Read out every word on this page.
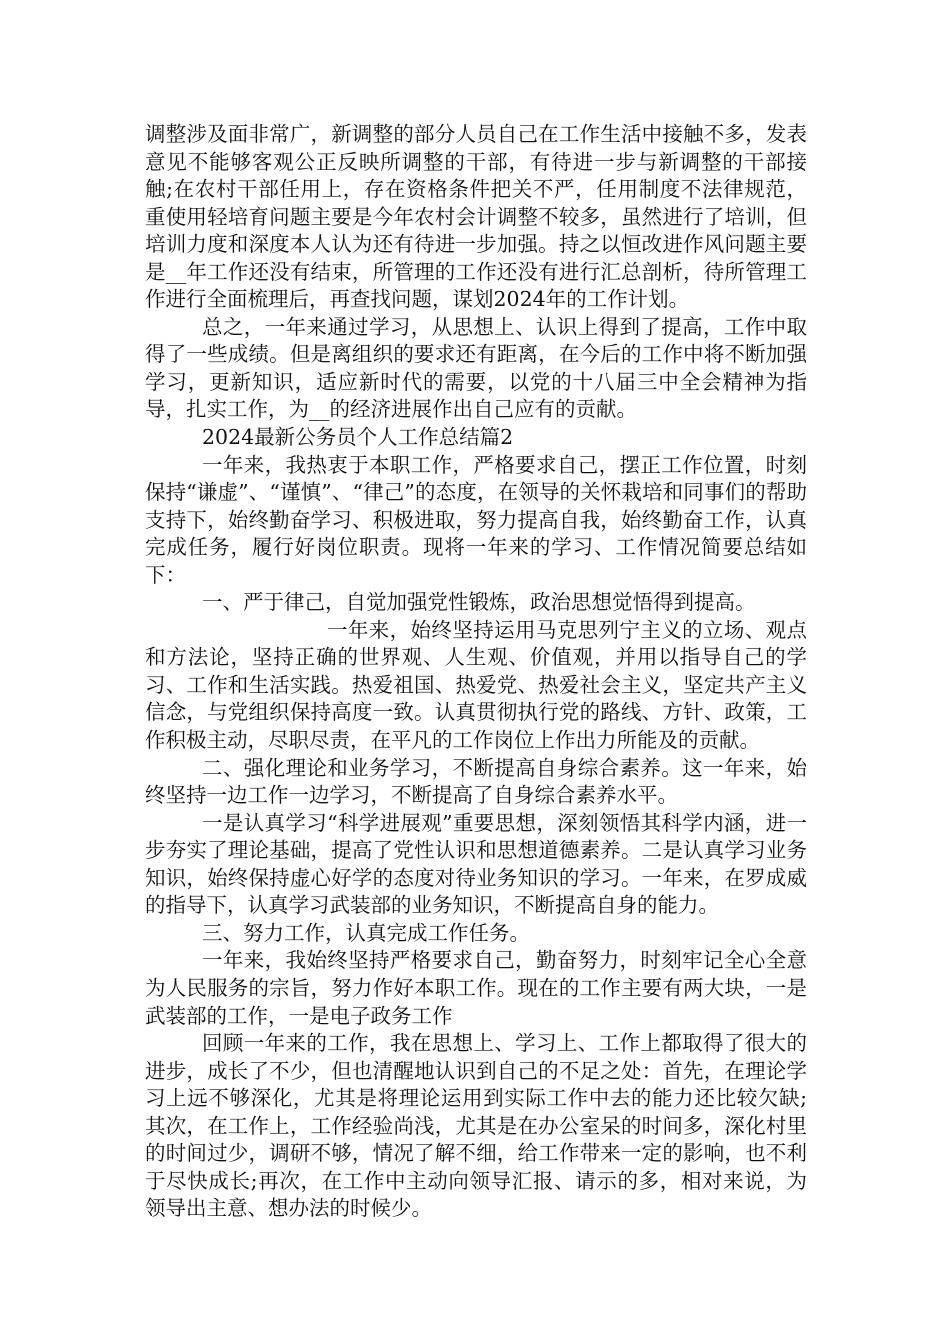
调整涉及面非常广，新调整的部分人员自己在工作生活中接触不多，发表意见不能够客观公正反映所调整的干部，有待进一步与新调整的干部接触;在农村干部任用上，存在资格条件把关不严，任用制度不法律规范，重使用轻培育问题主要是今年农村会计调整不较多，虽然进行了培训，但培训力度和深度本人认为还有待进一步加强。持之以恒改进作风问题主要是__年工作还没有结束，所管理的工作还没有进行汇总剖析，待所管理工作进行全面梳理后，再查找问题，谋划2024年的工作计划。

总之，一年来通过学习，从思想上、认识上得到了提高，工作中取得了一些成绩。但是离组织的要求还有距离，在今后的工作中将不断加强学习，更新知识，适应新时代的需要，以党的十八届三中全会精神为指导，扎实工作，为__的经济进展作出自己应有的贡献。

2024最新公务员个人工作总结篇2

一年来，我热衷于本职工作，严格要求自己，摆正工作位置，时刻保持“谦虚”、“谨慎”、“律己”的态度，在领导的关怀栽培和同事们的帮助支持下，始终勤奋学习、积极进取，努力提高自我，始终勤奋工作，认真完成任务，履行好岗位职责。现将一年来的学习、工作情况简要总结如下：

一、严于律己，自觉加强党性锻炼，政治思想觉悟得到提高。

一年来，始终坚持运用马克思列宁主义的立场、观点和方法论，坚持正确的世界观、人生观、价值观，并用以指导自己的学习、工作和生活实践。热爱祖国、热爱党、热爱社会主义，坚定共产主义信念，与党组织保持高度一致。认真贯彻执行党的路线、方针、政策，工作积极主动，尽职尽责，在平凡的工作岗位上作出力所能及的贡献。

二、强化理论和业务学习，不断提高自身综合素养。这一年来，始终坚持一边工作一边学习，不断提高了自身综合素养水平。

一是认真学习“科学进展观”重要思想，深刻领悟其科学内涵，进一步夯实了理论基础，提高了党性认识和思想道德素养。二是认真学习业务知识，始终保持虚心好学的态度对待业务知识的学习。一年来，在罗成威的指导下，认真学习武装部的业务知识，不断提高自身的能力。

三、努力工作，认真完成工作任务。

一年来，我始终坚持严格要求自己，勤奋努力，时刻牢记全心全意为人民服务的宗旨，努力作好本职工作。现在的工作主要有两大块，一是武装部的工作，一是电子政务工作

回顾一年来的工作，我在思想上、学习上、工作上都取得了很大的进步，成长了不少，但也清醒地认识到自己的不足之处：首先，在理论学习上远不够深化，尤其是将理论运用到实际工作中去的能力还比较欠缺;其次，在工作上，工作经验尚浅，尤其是在办公室呆的时间多，深化村里的时间过少，调研不够，情况了解不细，给工作带来一定的影响，也不利于尽快成长;再次，在工作中主动向领导汇报、请示的多，相对来说，为领导出主意、想办法的时候少。
